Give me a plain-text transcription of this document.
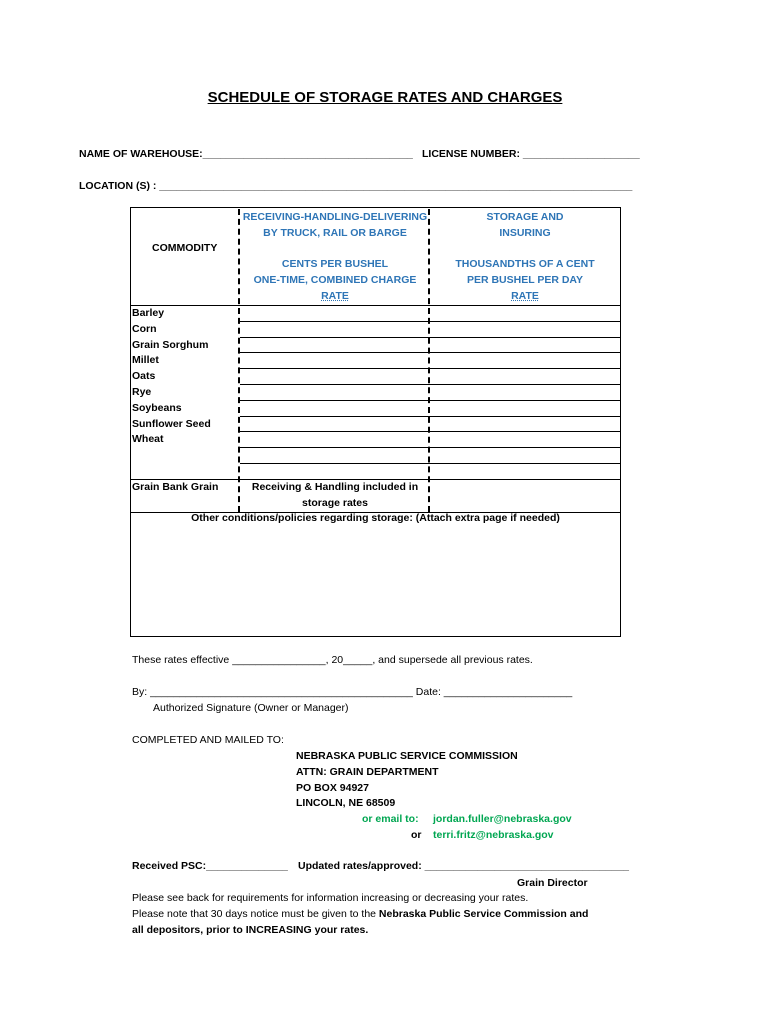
SCHEDULE OF STORAGE RATES AND CHARGES
NAME OF WAREHOUSE:____________________________________ LICENSE NUMBER: ____________________
LOCATION (S) : _________________________________________________________________________________
COMMODITY
RECEIVING-HANDLING-DELIVERING
BY TRUCK, RAIL OR BARGE
CENTS PER BUSHEL
ONE-TIME, COMBINED CHARGE
RATE
STORAGE AND
INSURING
THOUSANDTHS OF A CENT
PER BUSHEL PER DAY
RATE
Barley
Corn
Grain Sorghum
Millet
Oats
Rye
Soybeans
Sunflower Seed
Wheat
Grain Bank Grain	Receiving & Handling included in
storage rates
Other conditions/policies regarding storage: (Attach extra page if needed)
These rates effective ________________, 20_____, and supersede all previous rates.
By: _____________________________________________ Date: ______________________
Authorized Signature (Owner or Manager)
COMPLETED AND MAILED TO:
NEBRASKA PUBLIC SERVICE COMMISSION
ATTN: GRAIN DEPARTMENT
PO BOX 94927
LINCOLN, NE 68509
or email to: jordan.fuller@nebraska.gov
or terri.fritz@nebraska.gov
Received PSC:______________ Updated rates/approved: ___________________________________
Grain Director
Please see back for requirements for information increasing or decreasing your rates.
Please note that 30 days notice must be given to the Nebraska Public Service Commission and
all depositors, prior to INCREASING your rates.
